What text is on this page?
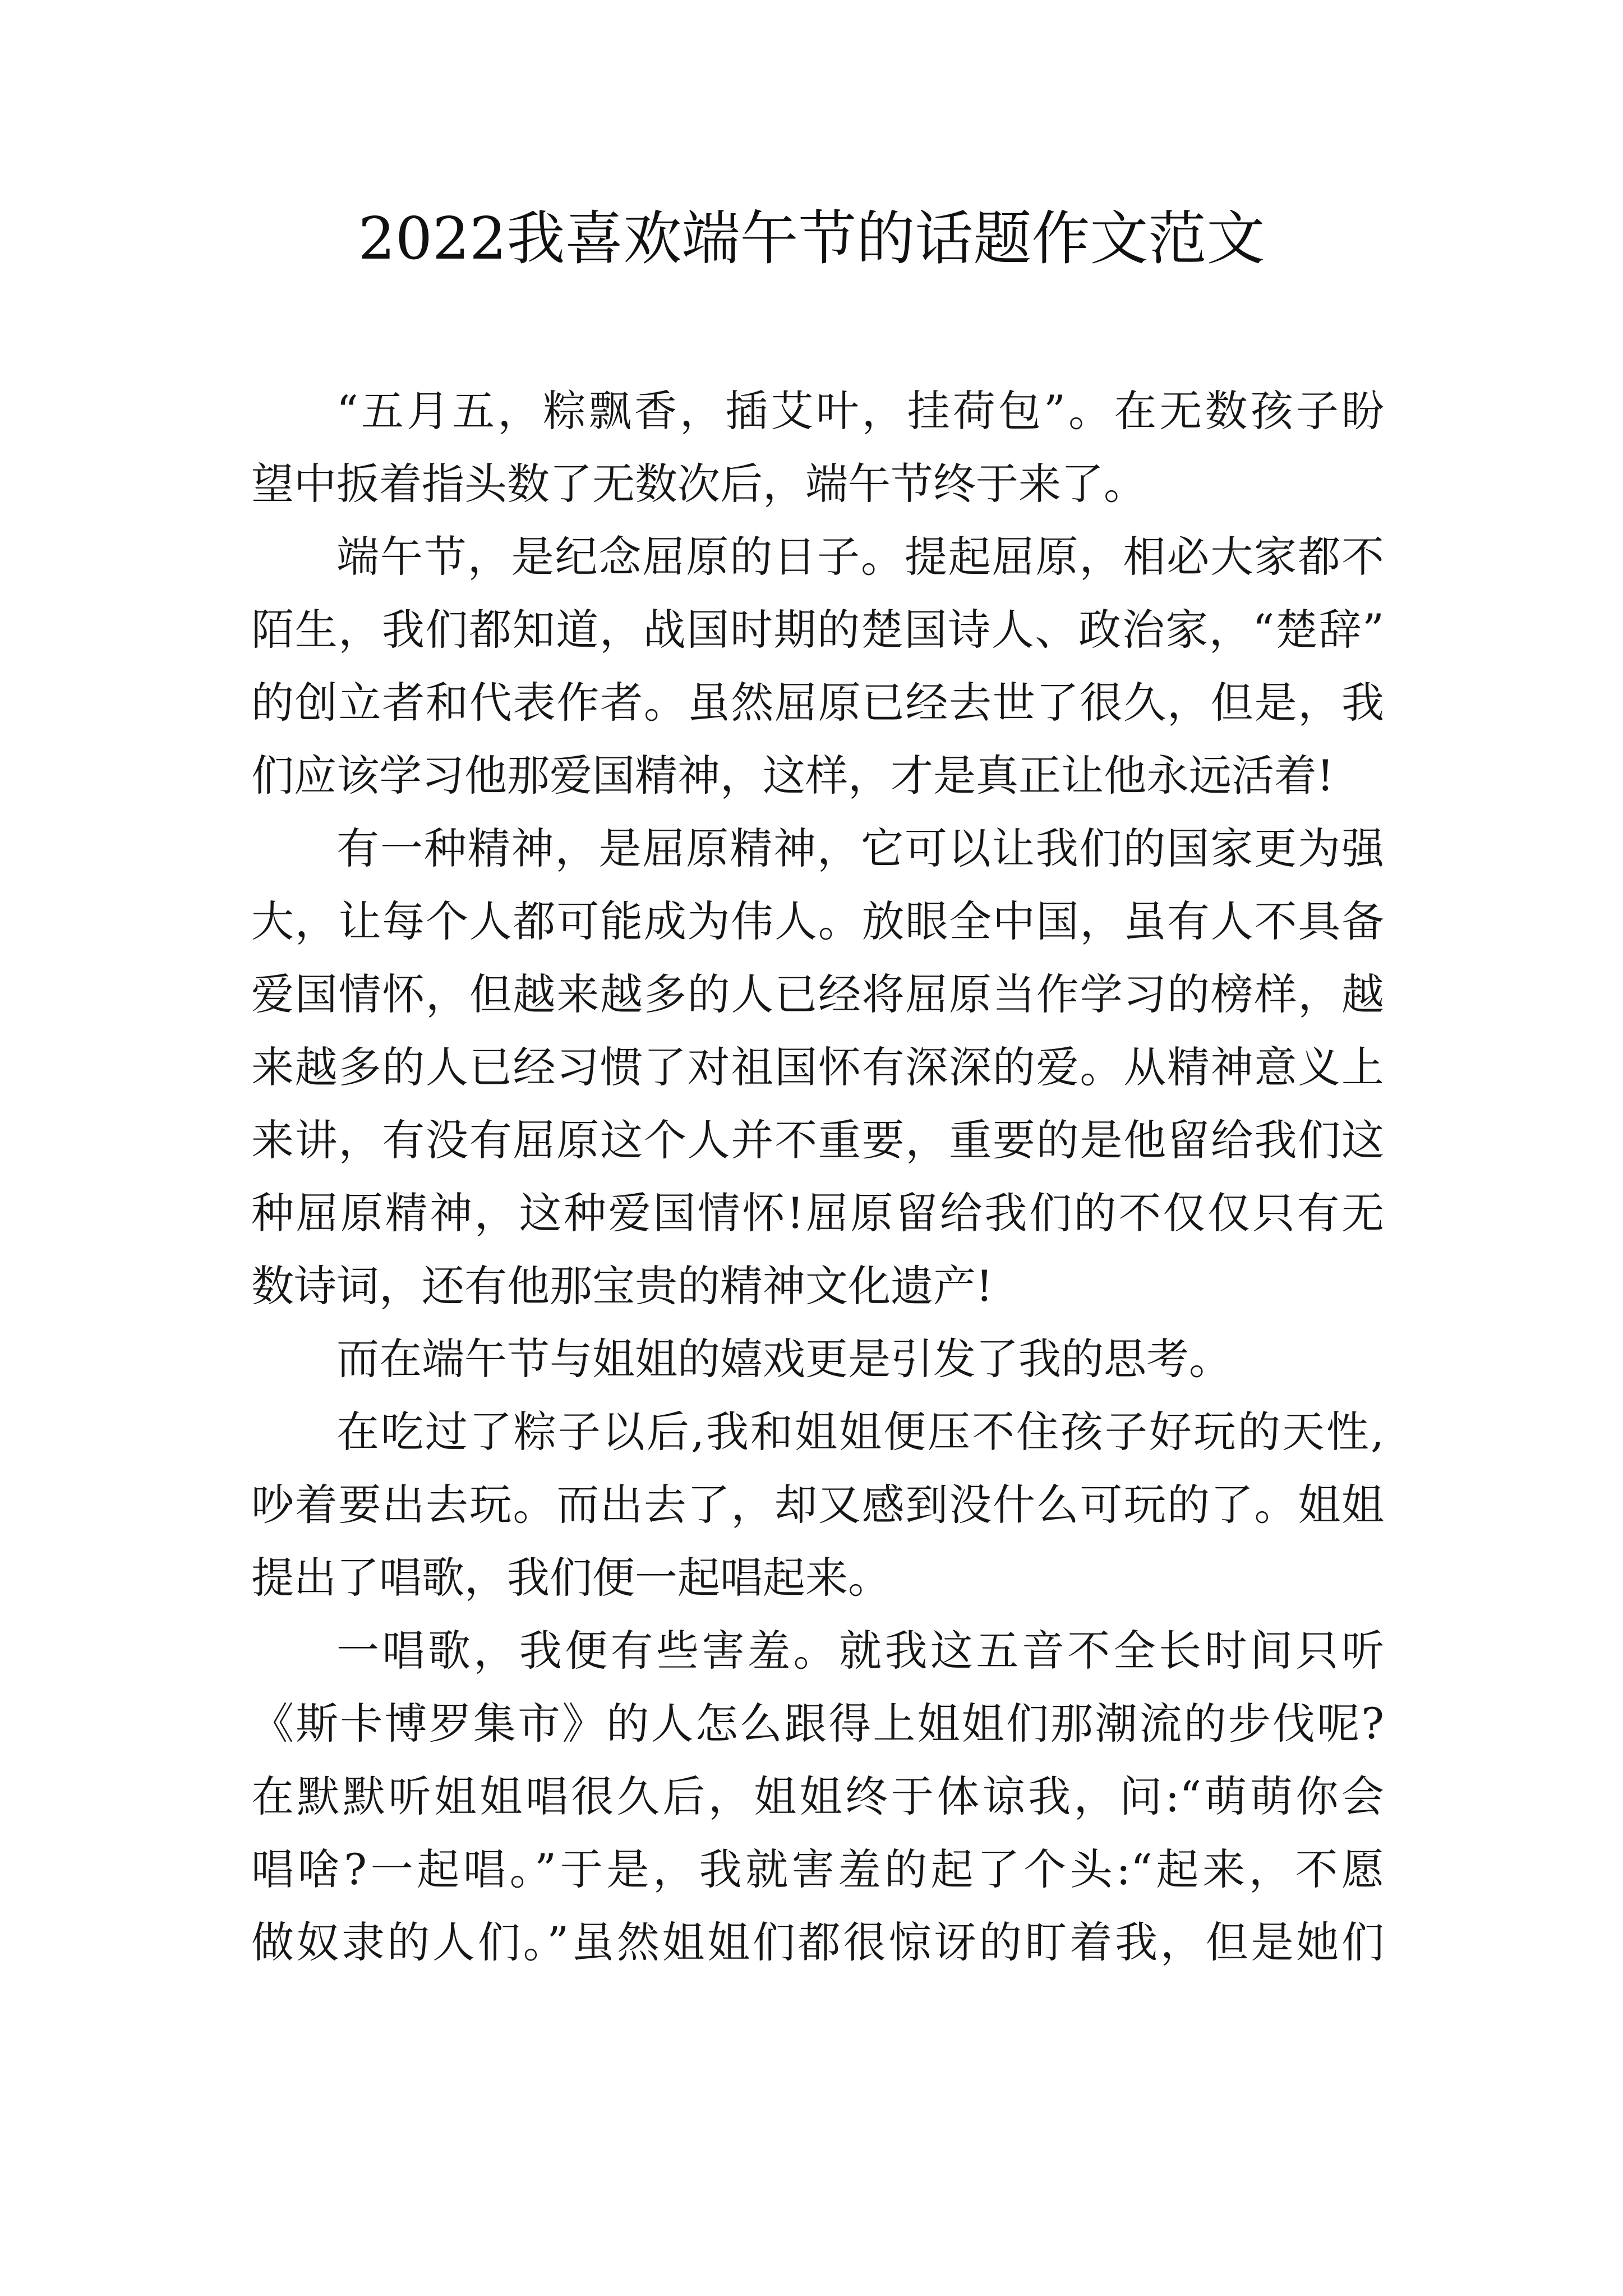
2022我喜欢端午节的话题作文范文
“五月五，粽飘香，插艾叶，挂荷包”。在无数孩子盼
望中扳着指头数了无数次后，端午节终于来了。
端午节，是纪念屈原的日子。提起屈原，相必大家都不
陌生，我们都知道，战国时期的楚国诗人、政治家，“楚辞”
的创立者和代表作者。虽然屈原已经去世了很久，但是，我
们应该学习他那爱国精神，这样，才是真正让他永远活着!
有一种精神，是屈原精神，它可以让我们的国家更为强
大，让每个人都可能成为伟人。放眼全中国，虽有人不具备
爱国情怀，但越来越多的人已经将屈原当作学习的榜样，越
来越多的人已经习惯了对祖国怀有深深的爱。从精神意义上
来讲，有没有屈原这个人并不重要，重要的是他留给我们这
种屈原精神，这种爱国情怀!屈原留给我们的不仅仅只有无
数诗词，还有他那宝贵的精神文化遗产!
而在端午节与姐姐的嬉戏更是引发了我的思考。
在吃过了粽子以后,我和姐姐便压不住孩子好玩的天性,
吵着要出去玩。而出去了，却又感到没什么可玩的了。姐姐
提出了唱歌，我们便一起唱起来。
一唱歌，我便有些害羞。就我这五音不全长时间只听
《斯卡博罗集市》的人怎么跟得上姐姐们那潮流的步伐呢?
在默默听姐姐唱很久后，姐姐终于体谅我，问:“萌萌你会
唱啥?一起唱。”于是，我就害羞的起了个头:“起来，不愿
做奴隶的人们。”虽然姐姐们都很惊讶的盯着我，但是她们
